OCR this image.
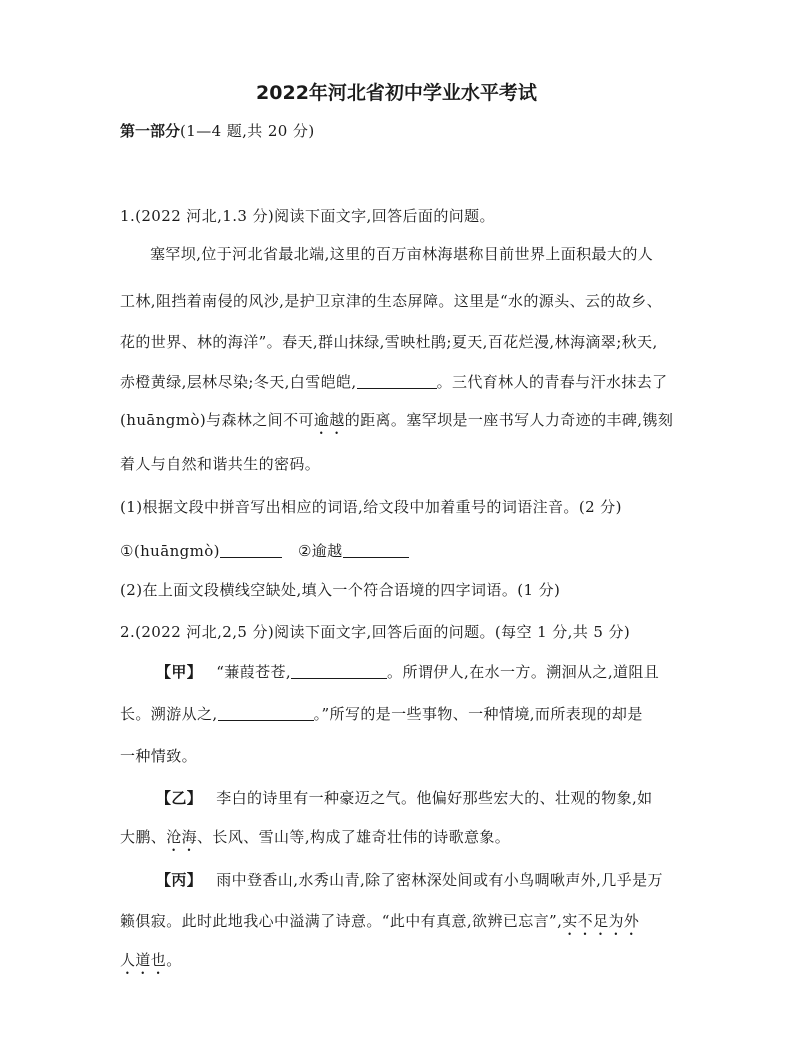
2022年河北省初中学业水平考试
第一部分(1—4 题,共 20 分)
1.(2022 河北,1.3 分)阅读下面文字,回答后面的问题。
塞罕坝,位于河北省最北端,这里的百万亩林海堪称目前世界上面积最大的人
工林,阻挡着南侵的风沙,是护卫京津的生态屏障。这里是“水的源头、云的故乡、
花的世界、林的海洋”。春天,群山抹绿,雪映杜鹃;夏天,百花烂漫,林海滴翠;秋天,
赤橙黄绿,层林尽染;冬天,白雪皑皑,	。三代育林人的青春与汗水抹去了
(huāngmò)与森林之间不可逾越的距离。塞罕坝是一座书写人力奇迹的丰碑,镌刻
着人与自然和谐共生的密码。
(1)根据文段中拼音写出相应的词语,给文段中加着重号的词语注音。(2 分)
①(huāngmò)	②逾越
(2)在上面文段横线空缺处,填入一个符合语境的四字词语。(1 分)
2.(2022 河北,2,5 分)阅读下面文字,回答后面的问题。(每空 1 分,共 5 分)
【甲】 “蒹葭苍苍,	。所谓伊人,在水一方。溯洄从之,道阻且
长。溯游从之,	。”所写的是一些事物、一种情境,而所表现的却是
一种情致。
【乙】 李白的诗里有一种豪迈之气。他偏好那些宏大的、壮观的物象,如
大鹏、沧海、长风、雪山等,构成了雄奇壮伟的诗歌意象。
【丙】 雨中登香山,水秀山青,除了密林深处间或有小鸟啁啾声外,几乎是万
籁俱寂。此时此地我心中溢满了诗意。“此中有真意,欲辨已忘言”,实不足为外
人道也。
